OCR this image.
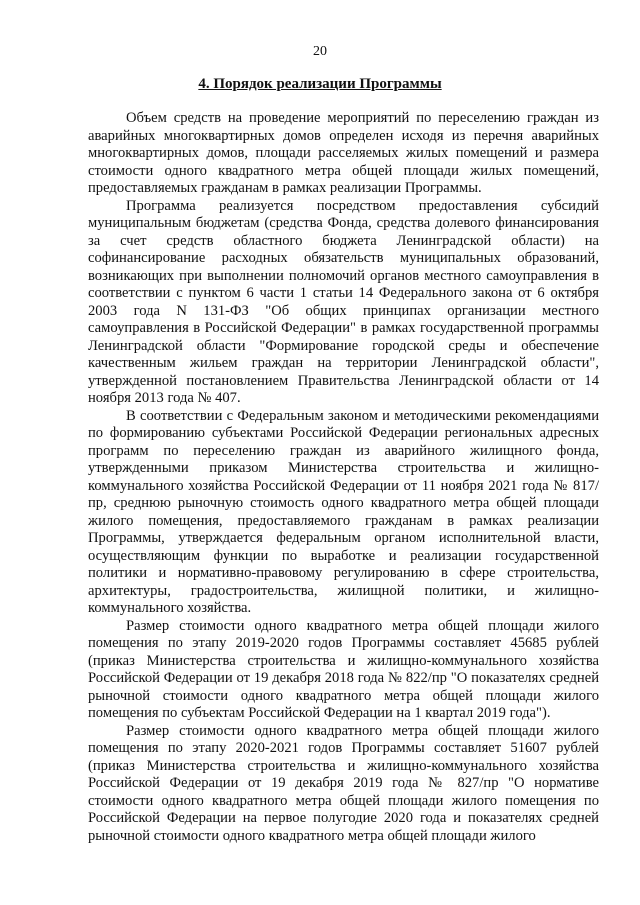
20
4. Порядок реализации Программы

Объем средств на проведение мероприятий по переселению граждан из аварийных многоквартирных домов определен исходя из перечня аварийных многоквартирных домов, площади расселяемых жилых помещений и размера стоимости одного квадратного метра общей площади жилых помещений, предоставляемых гражданам в рамках реализации Программы.

Программа реализуется посредством предоставления субсидий муниципальным бюджетам (средства Фонда, средства долевого финансирования за счет средств областного бюджета Ленинградской области) на софинансирование расходных обязательств муниципальных образований, возникающих при выполнении полномочий органов местного самоуправления в соответствии с пунктом 6 части 1 статьи 14 Федерального закона от 6 октября 2003 года N 131-ФЗ "Об общих принципах организации местного самоуправления в Российской Федерации" в рамках государственной программы Ленинградской области "Формирование городской среды и обеспечение качественным жильем граждан на территории Ленинградской области", утвержденной постановлением Правительства Ленинградской области от 14 ноября 2013 года № 407.

В соответствии с Федеральным законом и методическими рекомендациями по формированию субъектами Российской Федерации региональных адресных программ по переселению граждан из аварийного жилищного фонда, утвержденными приказом Министерства строительства и жилищно-коммунального хозяйства Российской Федерации от 11 ноября 2021 года № 817/пр, среднюю рыночную стоимость одного квадратного метра общей площади жилого помещения, предоставляемого гражданам в рамках реализации Программы, утверждается федеральным органом исполнительной власти, осуществляющим функции по выработке и реализации государственной политики и нормативно-правовому регулированию в сфере строительства, архитектуры, градостроительства, жилищной политики, и жилищно-коммунального хозяйства.

Размер стоимости одного квадратного метра общей площади жилого помещения по этапу 2019-2020 годов Программы составляет 45685 рублей (приказ Министерства строительства и жилищно-коммунального хозяйства Российской Федерации от 19 декабря 2018 года № 822/пр "О показателях средней рыночной стоимости одного квадратного метра общей площади жилого помещения по субъектам Российской Федерации на 1 квартал 2019 года").

Размер стоимости одного квадратного метра общей площади жилого помещения по этапу 2020-2021 годов Программы составляет 51607 рублей (приказ Министерства строительства и жилищно-коммунального хозяйства Российской Федерации от 19 декабря 2019 года № 827/пр "О нормативе стоимости одного квадратного метра общей площади жилого помещения по Российской Федерации на первое полугодие 2020 года и показателях средней рыночной стоимости одного квадратного метра общей площади жилого
